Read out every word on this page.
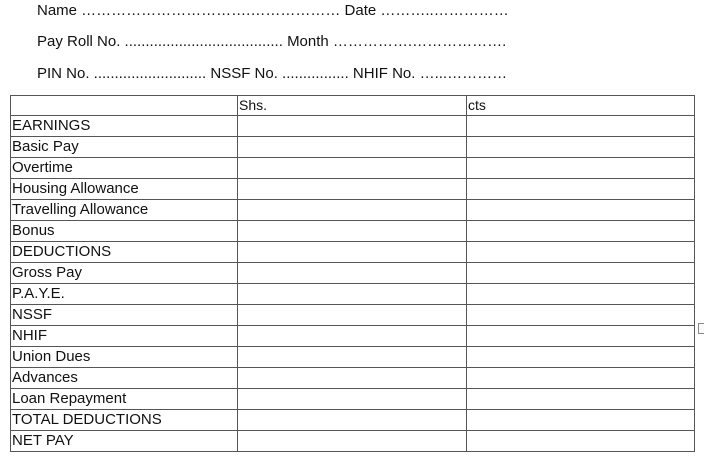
Name …………………………….……………… Date ………..……………
Pay Roll No. ...................................... Month …………….……………….
PIN No. ........................... NSSF No. ................ NHIF No. …...…………
	Shs.	cts
EARNINGS		
Basic Pay		
Overtime		
Housing Allowance		
Travelling Allowance		
Bonus		
DEDUCTIONS		
Gross Pay		
P.A.Y.E.		
NSSF		
NHIF		
Union Dues		
Advances		
Loan Repayment		
TOTAL DEDUCTIONS		
NET PAY		
